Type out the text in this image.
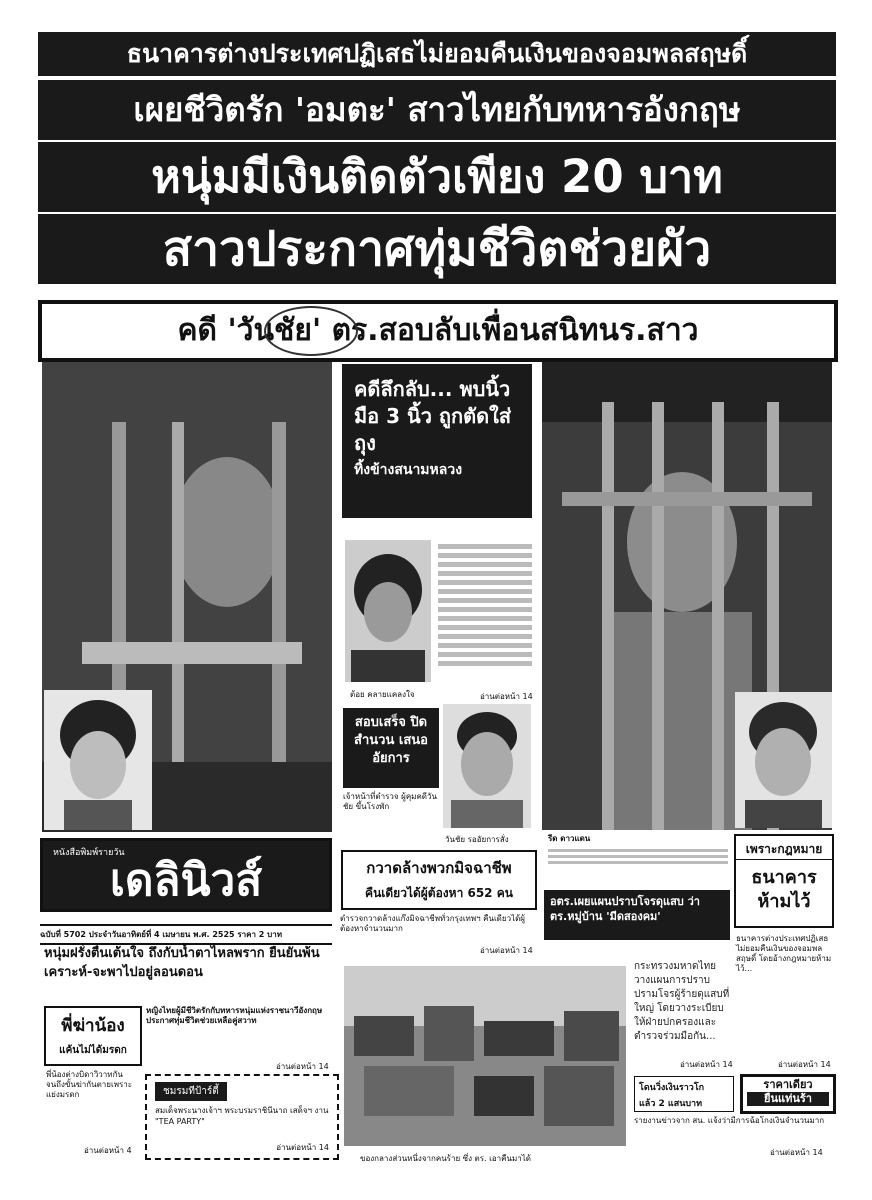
ธนาคารต่างประเทศปฏิเสธไม่ยอมคืนเงินของจอมพลสฤษดิ์
เผยชีวิตรัก 'อมตะ' สาวไทยกับทหารอังกฤษ
หนุ่มมีเงินติดตัวเพียง 20 บาท
สาวประกาศทุ่มชีวิตช่วยผัว
คดี 'วันชัย' ตร.สอบลับเพื่อนสนิทนร.สาว
คดีลึกลับ... พบนิ้วมือ 3 นิ้ว ถูกตัดใส่ถุง
ทิ้งข้างสนามหลวง
ต้อย คลายแคลงใจ	อ่านต่อหน้า 14
สอบเสร็จ ปิดสำนวน เสนออัยการ
เจ้าหน้าที่ตำรวจ ผู้คุมคดีวันชัย ขึ้นโรงพัก
วันชัย รออัยการสั่ง	รีด ดาวแดน
หนังสือพิมพ์รายวัน
เดลินิวส์
ฉบับที่ 5702 ประจำวันอาทิตย์ที่ 4 เมษายน พ.ศ. 2525 ราคา 2 บาท
กวาดล้างพวกมิจฉาชีพ
คืนเดียวได้ผู้ต้องหา 652 คน
ตำรวจกวาดล้างแก๊งมิจฉาชีพทั่วกรุงเทพฯ คืนเดียวได้ผู้ต้องหาจำนวนมาก
อ่านต่อหน้า 14
อตร.เผยแผนปราบโจรดุแสบ ว่าตร.หมู่บ้าน 'มีดสองคม'
กระทรวงมหาดไทยวางแผนการปราบปรามโจรผู้ร้ายดุแสบที่ใหญ่ โดยวางระเบียบให้ฝ่ายปกครองและตำรวจร่วมมือกัน...
อ่านต่อหน้า 14
เพราะกฎหมาย
ธนาคาร ห้ามไว้
ธนาคารต่างประเทศปฏิเสธไม่ยอมคืนเงินของจอมพลสฤษดิ์ โดยอ้างกฎหมายห้ามไว้...
อ่านต่อหน้า 14
หนุ่มฝรั่งตื่นเต้นใจ ถึงกับน้ำตาไหลพราก ยืนยันพ้นเคราะห์-จะพาไปอยู่ลอนดอน
หญิงไทยผู้มีชีวิตรักกับทหารหนุ่มแห่งราชนาวีอังกฤษ ประกาศทุ่มชีวิตช่วยเหลือคู่สวาท
อ่านต่อหน้า 14
พี่ฆ่าน้อง
แค้นไม่ได้มรดก
พี่น้องต่างบิดาวิวาทกันจนถึงขั้นฆ่ากันตายเพราะแย่งมรดก
อ่านต่อหน้า 4
ชมรมทีป้าร์ตี้
สมเด็จพระนางเจ้าฯ พระบรมราชินีนาถ เสด็จฯ งาน "TEA PARTY"
อ่านต่อหน้า 14
ของกลางส่วนหนึ่งจากคนร้าย ซึ่ง ตร. เอาคืนมาได้
โดนวิ่งเงินราวโก
แล้ว 2 แสนบาท
รายงานข่าวจาก สน. แจ้งว่ามีการฉ้อโกงเงินจำนวนมาก
อ่านต่อหน้า 14
ราคาเดียว
ยืนแท่นร้า
